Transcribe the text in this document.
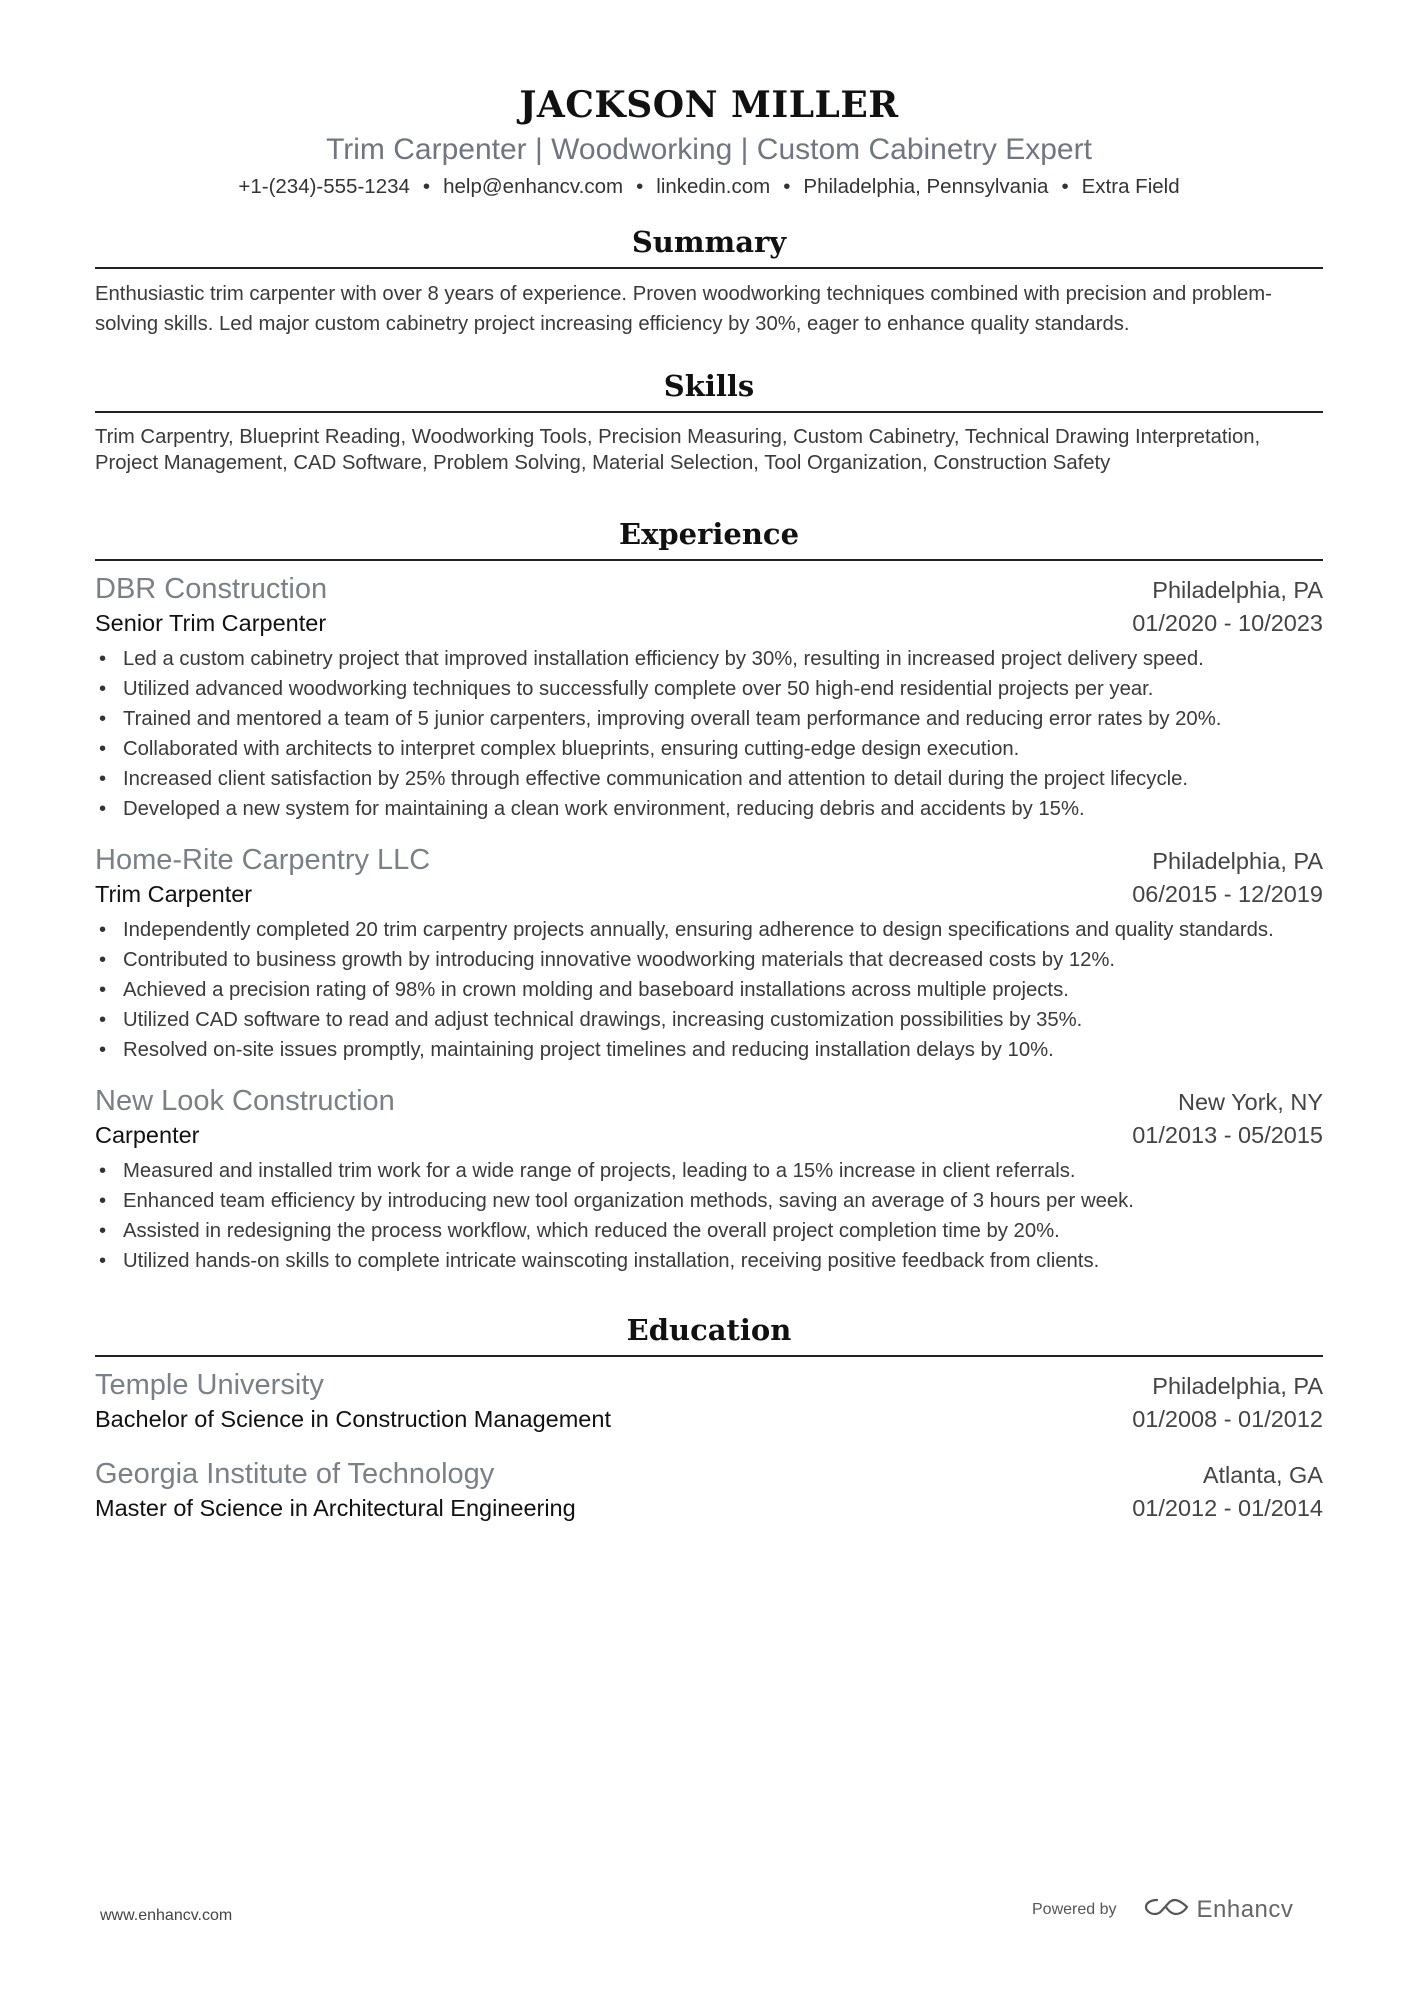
JACKSON MILLER

Trim Carpenter | Woodworking | Custom Cabinetry Expert

+1-(234)-555-1234 • help@enhancv.com • linkedin.com • Philadelphia, Pennsylvania • Extra Field

Summary

Enthusiastic trim carpenter with over 8 years of experience. Proven woodworking techniques combined with precision and problem-solving skills. Led major custom cabinetry project increasing efficiency by 30%, eager to enhance quality standards.

Skills

Trim Carpentry, Blueprint Reading, Woodworking Tools, Precision Measuring, Custom Cabinetry, Technical Drawing Interpretation, Project Management, CAD Software, Problem Solving, Material Selection, Tool Organization, Construction Safety

Experience
DBR Construction	Philadelphia, PA
Senior Trim Carpenter	01/2020 - 10/2023
• Led a custom cabinetry project that improved installation efficiency by 30%, resulting in increased project delivery speed.
• Utilized advanced woodworking techniques to successfully complete over 50 high-end residential projects per year.
• Trained and mentored a team of 5 junior carpenters, improving overall team performance and reducing error rates by 20%.
• Collaborated with architects to interpret complex blueprints, ensuring cutting-edge design execution.
• Increased client satisfaction by 25% through effective communication and attention to detail during the project lifecycle.
• Developed a new system for maintaining a clean work environment, reducing debris and accidents by 15%.
Home-Rite Carpentry LLC	Philadelphia, PA
Trim Carpenter	06/2015 - 12/2019
• Independently completed 20 trim carpentry projects annually, ensuring adherence to design specifications and quality standards.
• Contributed to business growth by introducing innovative woodworking materials that decreased costs by 12%.
• Achieved a precision rating of 98% in crown molding and baseboard installations across multiple projects.
• Utilized CAD software to read and adjust technical drawings, increasing customization possibilities by 35%.
• Resolved on-site issues promptly, maintaining project timelines and reducing installation delays by 10%.
New Look Construction	New York, NY
Carpenter	01/2013 - 05/2015
• Measured and installed trim work for a wide range of projects, leading to a 15% increase in client referrals.
• Enhanced team efficiency by introducing new tool organization methods, saving an average of 3 hours per week.
• Assisted in redesigning the process workflow, which reduced the overall project completion time by 20%.
• Utilized hands-on skills to complete intricate wainscoting installation, receiving positive feedback from clients.
Education
Temple University	Philadelphia, PA
Bachelor of Science in Construction Management	01/2008 - 01/2012
Georgia Institute of Technology	Atlanta, GA
Master of Science in Architectural Engineering	01/2012 - 01/2014
www.enhancv.com	Powered by	Enhancv
